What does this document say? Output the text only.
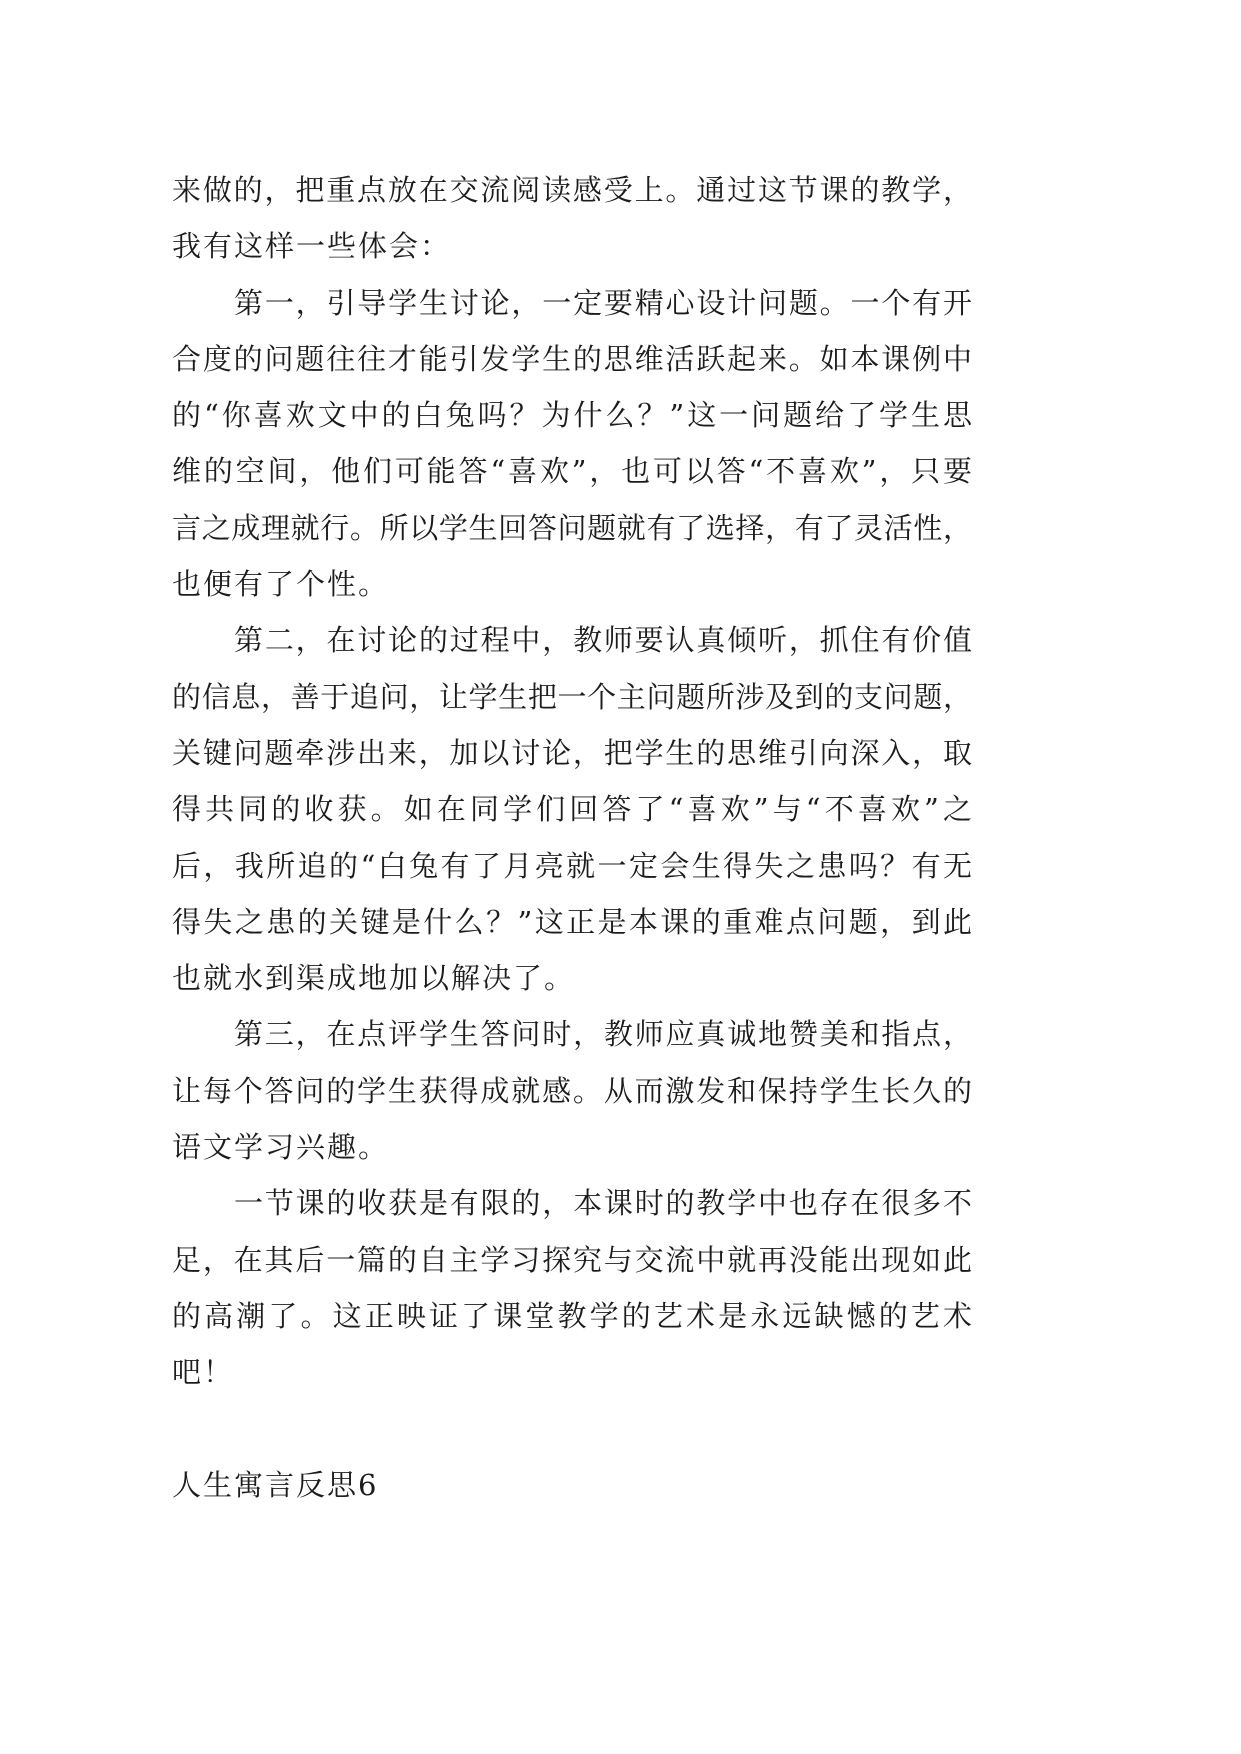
来做的，把重点放在交流阅读感受上。通过这节课的教学，
我有这样一些体会：
第一，引导学生讨论，一定要精心设计问题。一个有开
合度的问题往往才能引发学生的思维活跃起来。如本课例中
的“你喜欢文中的白兔吗？为什么？”这一问题给了学生思
维的空间，他们可能答“喜欢”，也可以答“不喜欢”，只要
言之成理就行。所以学生回答问题就有了选择，有了灵活性，
也便有了个性。
第二，在讨论的过程中，教师要认真倾听，抓住有价值
的信息，善于追问，让学生把一个主问题所涉及到的支问题，
关键问题牵涉出来，加以讨论，把学生的思维引向深入，取
得共同的收获。如在同学们回答了“喜欢”与“不喜欢”之
后，我所追的“白兔有了月亮就一定会生得失之患吗？有无
得失之患的关键是什么？”这正是本课的重难点问题，到此
也就水到渠成地加以解决了。
第三，在点评学生答问时，教师应真诚地赞美和指点，
让每个答问的学生获得成就感。从而激发和保持学生长久的
语文学习兴趣。
一节课的收获是有限的，本课时的教学中也存在很多不
足，在其后一篇的自主学习探究与交流中就再没能出现如此
的高潮了。这正映证了课堂教学的艺术是永远缺憾的艺术
吧！
人生寓言反思6
